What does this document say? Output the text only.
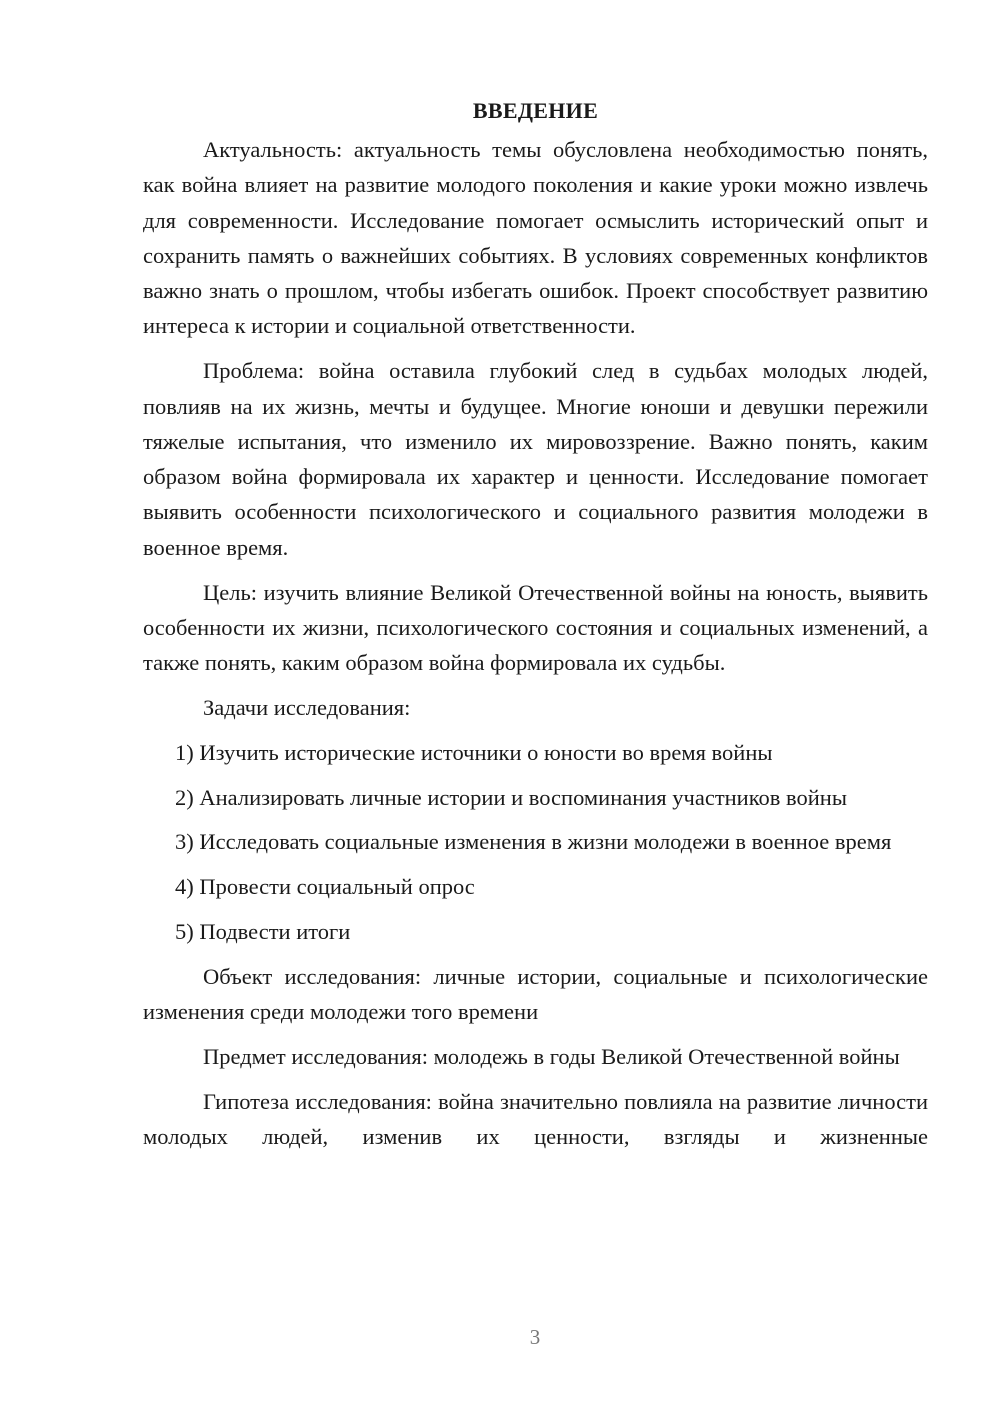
ВВЕДЕНИЕ

Актуальность: актуальность темы обусловлена необходимостью понять, как война влияет на развитие молодого поколения и какие уроки можно извлечь для современности. Исследование помогает осмыслить исторический опыт и сохранить память о важнейших событиях. В условиях современных конфликтов важно знать о прошлом, чтобы избегать ошибок. Проект способствует развитию интереса к истории и социальной ответственности.

Проблема: война оставила глубокий след в судьбах молодых людей, повлияв на их жизнь, мечты и будущее. Многие юноши и девушки пережили тяжелые испытания, что изменило их мировоззрение. Важно понять, каким образом война формировала их характер и ценности. Исследование помогает выявить особенности психологического и социального развития молодежи в военное время.

Цель: изучить влияние Великой Отечественной войны на юность, выявить особенности их жизни, психологического состояния и социальных изменений, а также понять, каким образом война формировала их судьбы.

Задачи исследования:

1) Изучить исторические источники о юности во время войны

2) Анализировать личные истории и воспоминания участников войны

3) Исследовать социальные изменения в жизни молодежи в военное время

4) Провести социальный опрос

5) Подвести итоги

Объект исследования: личные истории, социальные и психологические изменения среди молодежи того времени

Предмет исследования: молодежь в годы Великой Отечественной войны

Гипотеза исследования: война значительно повлияла на развитие личности молодых людей, изменив их ценности, взгляды и жизненные

3
